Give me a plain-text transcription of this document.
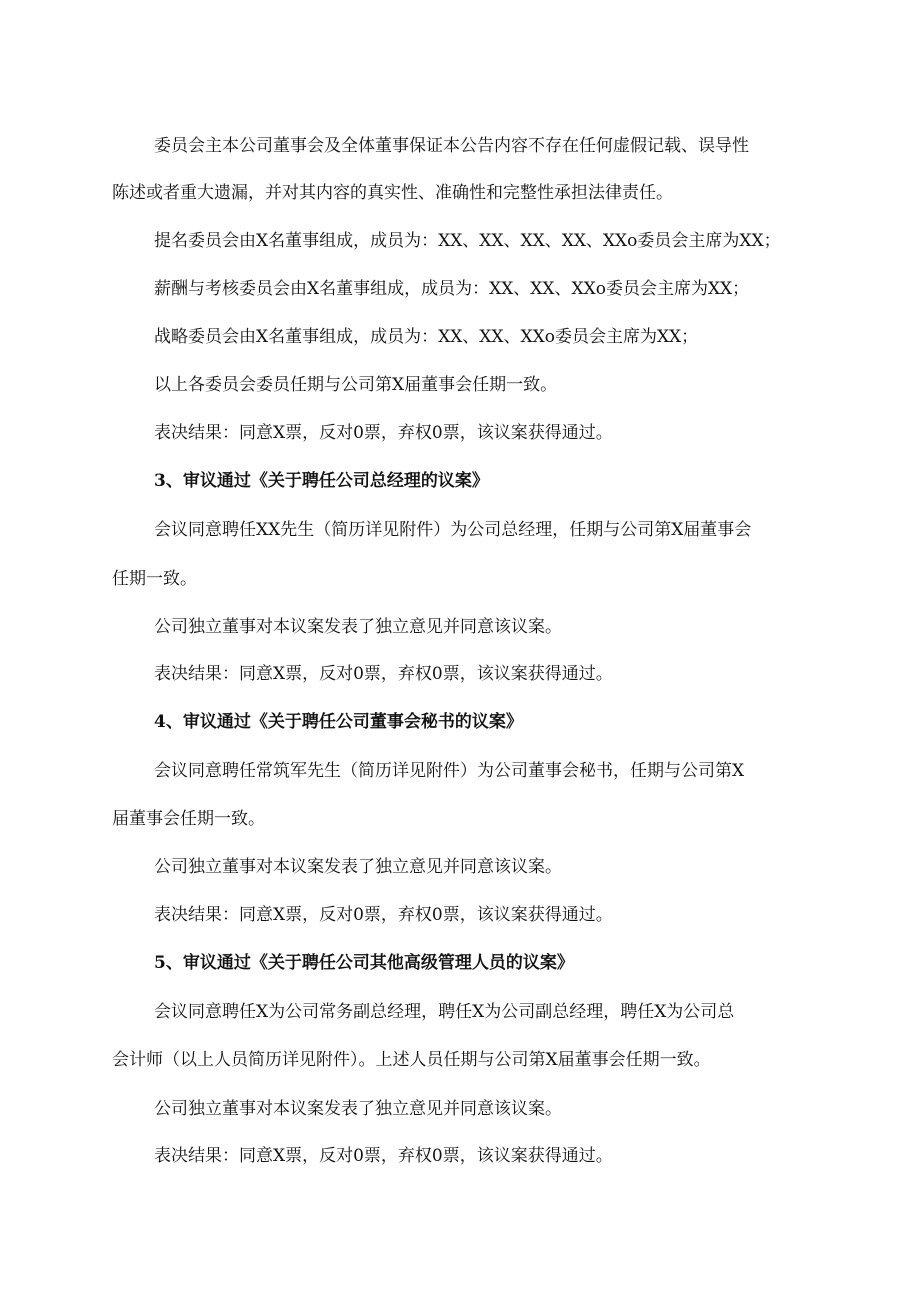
委员会主本公司董事会及全体董事保证本公告内容不存在任何虚假记载、误导性
陈述或者重大遗漏，并对其内容的真实性、准确性和完整性承担法律责任。
提名委员会由X名董事组成，成员为：XX、XX、XX、XX、XXo委员会主席为XX；
薪酬与考核委员会由X名董事组成，成员为：XX、XX、XXo委员会主席为XX；
战略委员会由X名董事组成，成员为：XX、XX、XXo委员会主席为XX；
以上各委员会委员任期与公司第X届董事会任期一致。
表决结果：同意X票，反对0票，弃权0票，该议案获得通过。
3、审议通过《关于聘任公司总经理的议案》
会议同意聘任XX先生（简历详见附件）为公司总经理，任期与公司第X届董事会
任期一致。
公司独立董事对本议案发表了独立意见并同意该议案。
表决结果：同意X票，反对0票，弃权0票，该议案获得通过。
4、审议通过《关于聘任公司董事会秘书的议案》
会议同意聘任常筑军先生（简历详见附件）为公司董事会秘书，任期与公司第X
届董事会任期一致。
公司独立董事对本议案发表了独立意见并同意该议案。
表决结果：同意X票，反对0票，弃权0票，该议案获得通过。
5、审议通过《关于聘任公司其他高级管理人员的议案》
会议同意聘任X为公司常务副总经理，聘任X为公司副总经理，聘任X为公司总
会计师（以上人员简历详见附件）。上述人员任期与公司第X届董事会任期一致。
公司独立董事对本议案发表了独立意见并同意该议案。
表决结果：同意X票，反对0票，弃权0票，该议案获得通过。
